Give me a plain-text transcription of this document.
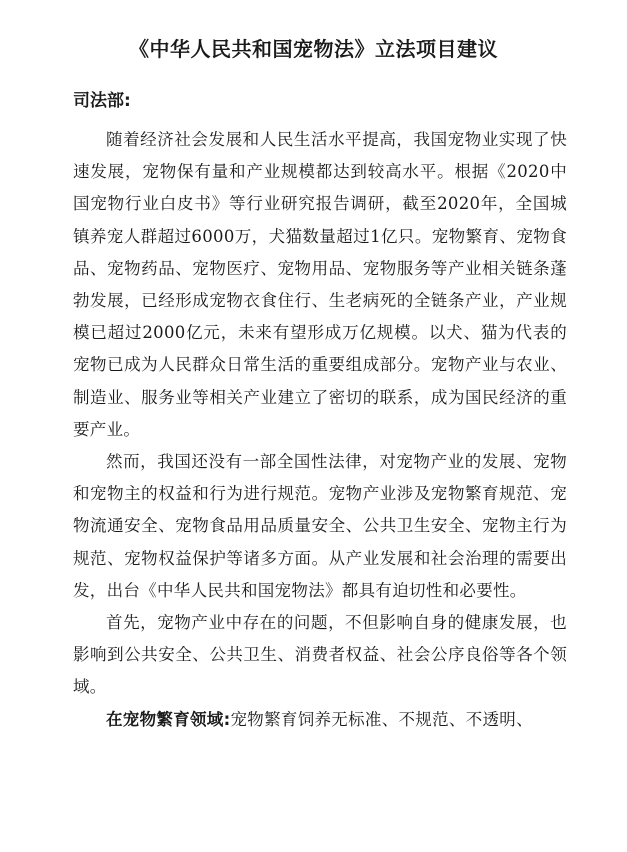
《中华人民共和国宠物法》立法项目建议
司法部:

随着经济社会发展和人民生活水平提高，我国宠物业实现了快速发展，宠物保有量和产业规模都达到较高水平。根据《2020中国宠物行业白皮书》等行业研究报告调研，截至2020年，全国城镇养宠人群超过6000万，犬猫数量超过1亿只。宠物繁育、宠物食品、宠物药品、宠物医疗、宠物用品、宠物服务等产业相关链条蓬勃发展，已经形成宠物衣食住行、生老病死的全链条产业，产业规模已超过2000亿元，未来有望形成万亿规模。以犬、猫为代表的宠物已成为人民群众日常生活的重要组成部分。宠物产业与农业、制造业、服务业等相关产业建立了密切的联系，成为国民经济的重要产业。

然而，我国还没有一部全国性法律，对宠物产业的发展、宠物和宠物主的权益和行为进行规范。宠物产业涉及宠物繁育规范、宠物流通安全、宠物食品用品质量安全、公共卫生安全、宠物主行为规范、宠物权益保护等诸多方面。从产业发展和社会治理的需要出发，出台《中华人民共和国宠物法》都具有迫切性和必要性。

首先，宠物产业中存在的问题，不但影响自身的健康发展，也影响到公共安全、公共卫生、消费者权益、社会公序良俗等各个领域。

在宠物繁育领域:宠物繁育饲养无标准、不规范、不透明、
